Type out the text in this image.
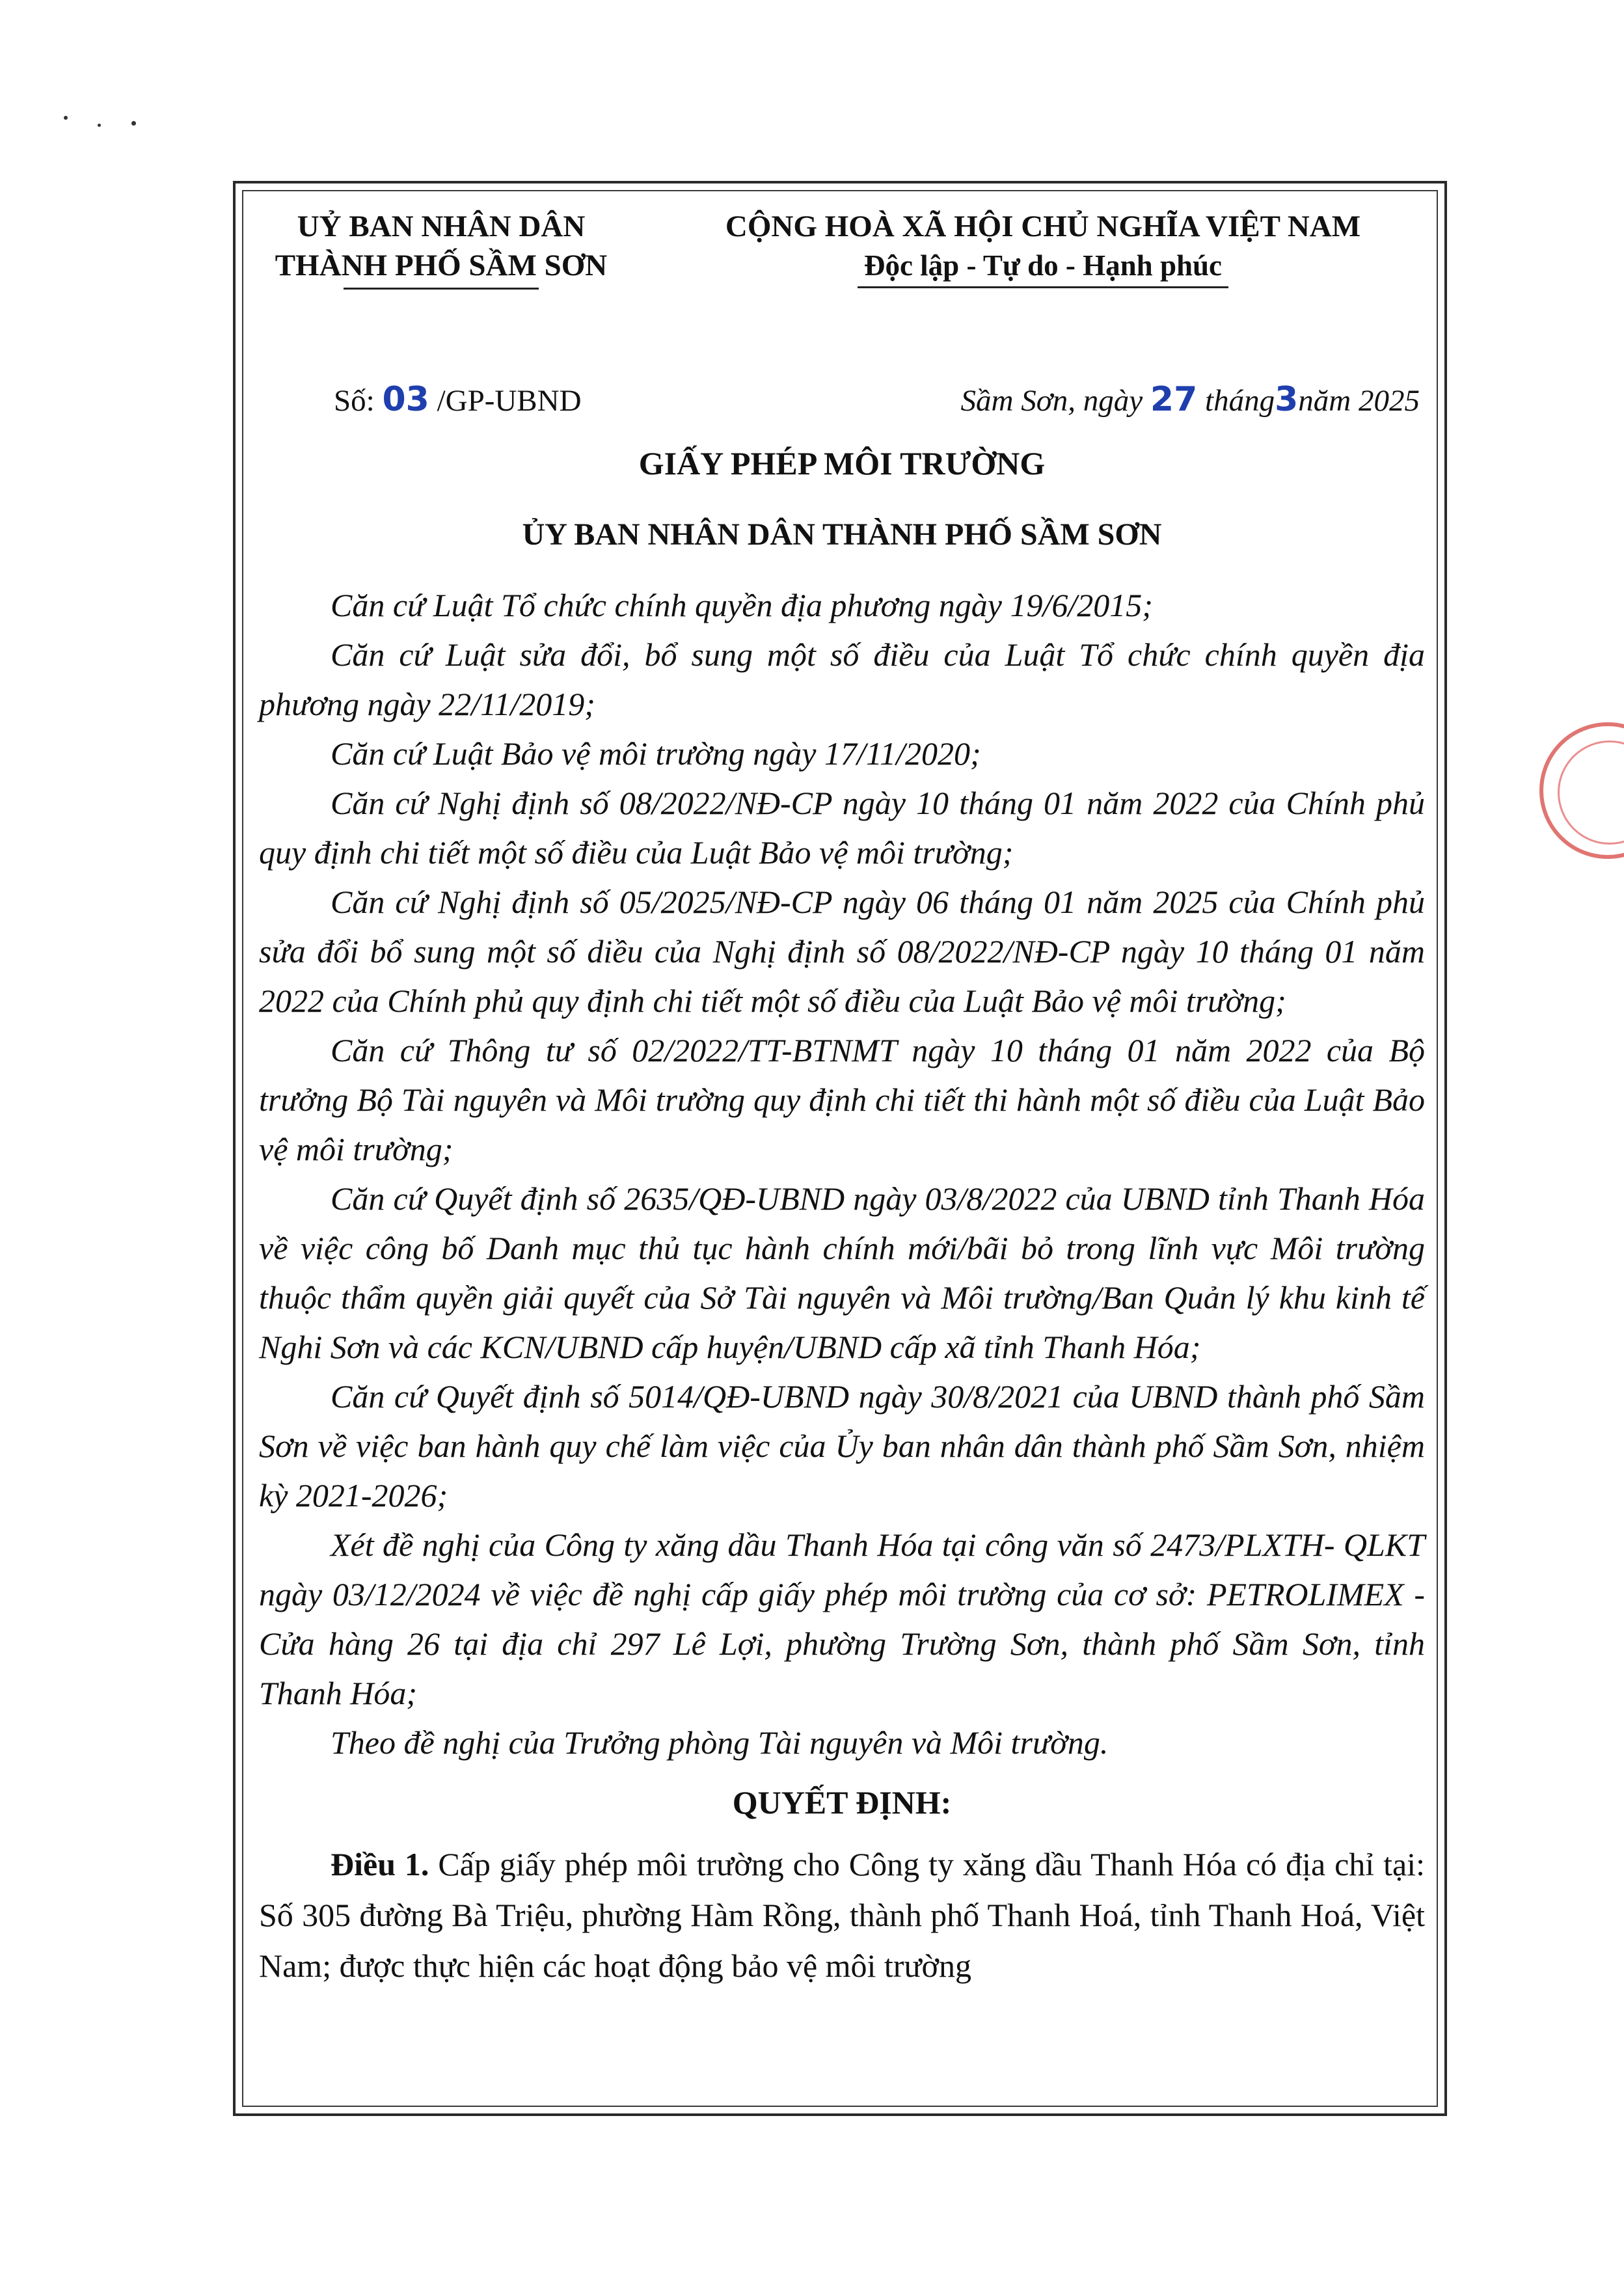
UỶ BAN NHÂN DÂN
THÀNH PHỐ SẦM SƠN
CỘNG HOÀ XÃ HỘI CHỦ NGHĨA VIỆT NAM
Độc lập - Tự do - Hạnh phúc
Số: 03 /GP-UBND	Sầm Sơn, ngày 27 tháng3năm 2025
GIẤY PHÉP MÔI TRƯỜNG
ỦY BAN NHÂN DÂN THÀNH PHỐ SẦM SƠN

Căn cứ Luật Tổ chức chính quyền địa phương ngày 19/6/2015;

Căn cứ Luật sửa đổi, bổ sung một số điều của Luật Tổ chức chính quyền địa phương ngày 22/11/2019;

Căn cứ Luật Bảo vệ môi trường ngày 17/11/2020;

Căn cứ Nghị định số 08/2022/NĐ-CP ngày 10 tháng 01 năm 2022 của Chính phủ quy định chi tiết một số điều của Luật Bảo vệ môi trường;

Căn cứ Nghị định số 05/2025/NĐ-CP ngày 06 tháng 01 năm 2025 của Chính phủ sửa đổi bổ sung một số diều của Nghị định số 08/2022/NĐ-CP ngày 10 tháng 01 năm 2022 của Chính phủ quy định chi tiết một số điều của Luật Bảo vệ môi trường;

Căn cứ Thông tư số 02/2022/TT-BTNMT ngày 10 tháng 01 năm 2022 của Bộ trưởng Bộ Tài nguyên và Môi trường quy định chi tiết thi hành một số điều của Luật Bảo vệ môi trường;

Căn cứ Quyết định số 2635/QĐ-UBND ngày 03/8/2022 của UBND tỉnh Thanh Hóa về việc công bố Danh mục thủ tục hành chính mới/bãi bỏ trong lĩnh vực Môi trường thuộc thẩm quyền giải quyết của Sở Tài nguyên và Môi trường/Ban Quản lý khu kinh tế Nghi Sơn và các KCN/UBND cấp huyện/UBND cấp xã tỉnh Thanh Hóa;

Căn cứ Quyết định số 5014/QĐ-UBND ngày 30/8/2021 của UBND thành phố Sầm Sơn về việc ban hành quy chế làm việc của Ủy ban nhân dân thành phố Sầm Sơn, nhiệm kỳ 2021-2026;

Xét đề nghị của Công ty xăng dầu Thanh Hóa tại công văn số 2473/PLXTH- QLKT ngày 03/12/2024 về việc đề nghị cấp giấy phép môi trường của cơ sở: PETROLIMEX - Cửa hàng 26 tại địa chỉ 297 Lê Lợi, phường Trường Sơn, thành phố Sầm Sơn, tỉnh Thanh Hóa;

Theo đề nghị của Trưởng phòng Tài nguyên và Môi trường.

QUYẾT ĐỊNH:

Điều 1. Cấp giấy phép môi trường cho Công ty xăng dầu Thanh Hóa có địa chỉ tại: Số 305 đường Bà Triệu, phường Hàm Rồng, thành phố Thanh Hoá, tỉnh Thanh Hoá, Việt Nam; được thực hiện các hoạt động bảo vệ môi trường
